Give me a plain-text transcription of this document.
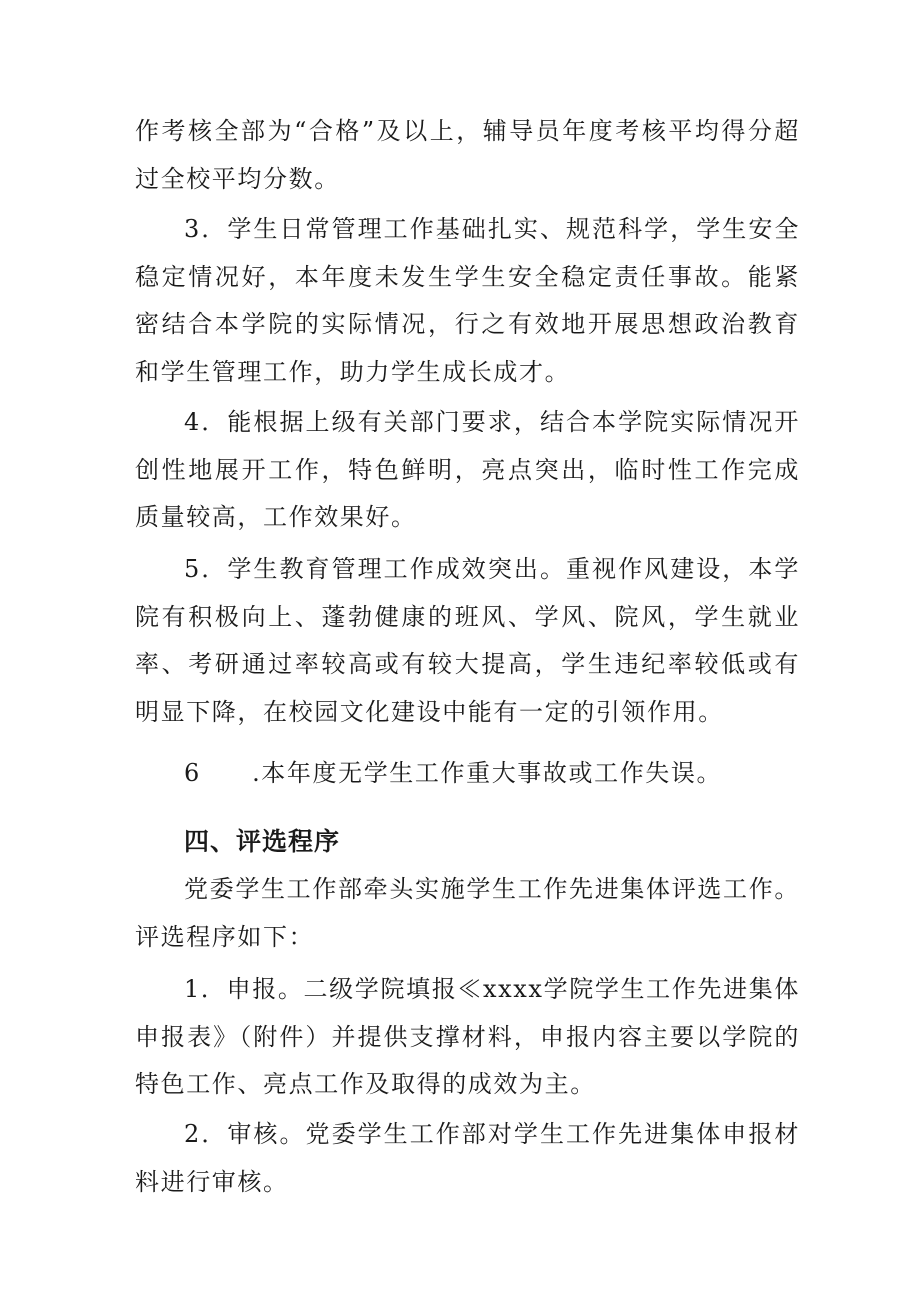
作考核全部为“合格”及以上，辅导员年度考核平均得分超过全校平均分数。

3．学生日常管理工作基础扎实、规范科学，学生安全稳定情况好，本年度未发生学生安全稳定责任事故。能紧密结合本学院的实际情况，行之有效地开展思想政治教育和学生管理工作，助力学生成长成才。

4．能根据上级有关部门要求，结合本学院实际情况开创性地展开工作，特色鲜明，亮点突出，临时性工作完成质量较高，工作效果好。

5．学生教育管理工作成效突出。重视作风建设，本学院有积极向上、蓬勃健康的班风、学风、院风，学生就业率、考研通过率较高或有较大提高，学生违纪率较低或有明显下降，在校园文化建设中能有一定的引领作用。

6　　.本年度无学生工作重大事故或工作失误。

四、评选程序

党委学生工作部牵头实施学生工作先进集体评选工作。评选程序如下：

1．申报。二级学院填报≪xxxx学院学生工作先进集体申报表》（附件）并提供支撑材料，申报内容主要以学院的特色工作、亮点工作及取得的成效为主。

2．审核。党委学生工作部对学生工作先进集体申报材料进行审核。
